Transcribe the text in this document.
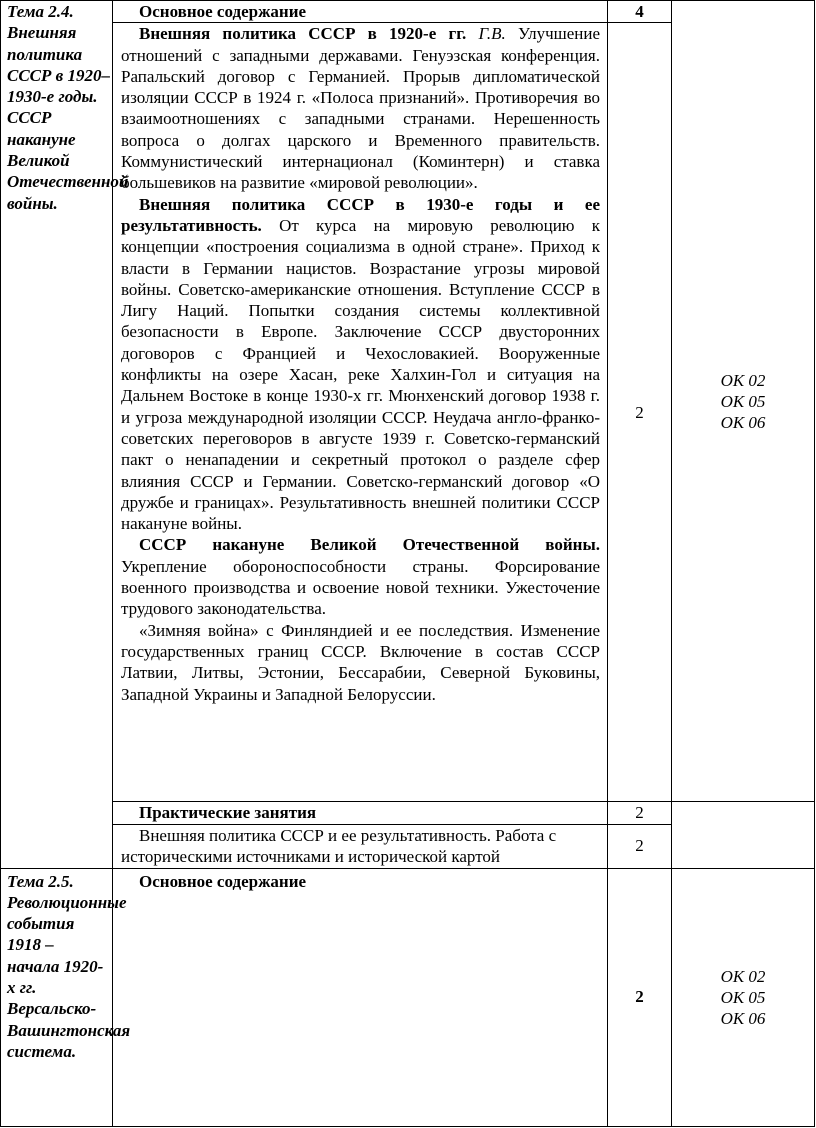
Тема 2.4. Внешняя политика СССР в 1920–1930-е годы. СССР накануне Великой Отечественной войны.	Основное содержание	4	ОК 02
ОК 05
ОК 06

	Внешняя политика СССР в 1920-е гг. Г.В. Улучшение отношений с западными державами. Генуэзская конференция. Рапальский договор с Германией. Прорыв дипломатической изоляции СССР в 1924 г. «Полоса признаний». Противоречия во взаимоотношениях с западными странами. Нерешенность вопроса о долгах царского и Временного правительств. Коммунистический интернационал (Коминтерн) и ставка большевиков на развитие «мировой революции».

Внешняя политика СССР в 1930-е годы и ее результативность. От курса на мировую революцию к концепции «построения социализма в одной стране». Приход к власти в Германии нацистов. Возрастание угрозы мировой войны. Советско-американские отношения. Вступление СССР в Лигу Наций. Попытки создания системы коллективной безопасности в Европе. Заключение СССР двусторонних договоров с Францией и Чехословакией. Вооруженные конфликты на озере Хасан, реке Халхин-Гол и ситуация на Дальнем Востоке в конце 1930-х гг. Мюнхенский договор 1938 г. и угроза международной изоляции СССР. Неудача англо-франко-советских переговоров в августе 1939 г. Советско-германский пакт о ненападении и секретный протокол о разделе сфер влияния СССР и Германии. Советско-германский договор «О дружбе и границах». Результативность внешней политики СССР накануне войны.

СССР накануне Великой Отечественной войны. Укрепление обороноспособности страны. Форсирование военного производства и освоение новой техники. Ужесточение трудового законодательства.

«Зимняя война» с Финляндией и ее последствия. Изменение государственных границ СССР. Включение в состав СССР Латвии, Литвы, Эстонии, Бессарабии, Северной Буковины, Западной Украины и Западной Белоруссии.	2	
	Практические занятия	2	

	Внешняя политика СССР и ее результативность. Работа с историческими источниками и исторической картой	2	
Тема 2.5. Революционные события 1918 – начала 1920-х гг. Версальско-Вашингтонская система.	Основное содержание	2	ОК 02
ОК 05
ОК 06
